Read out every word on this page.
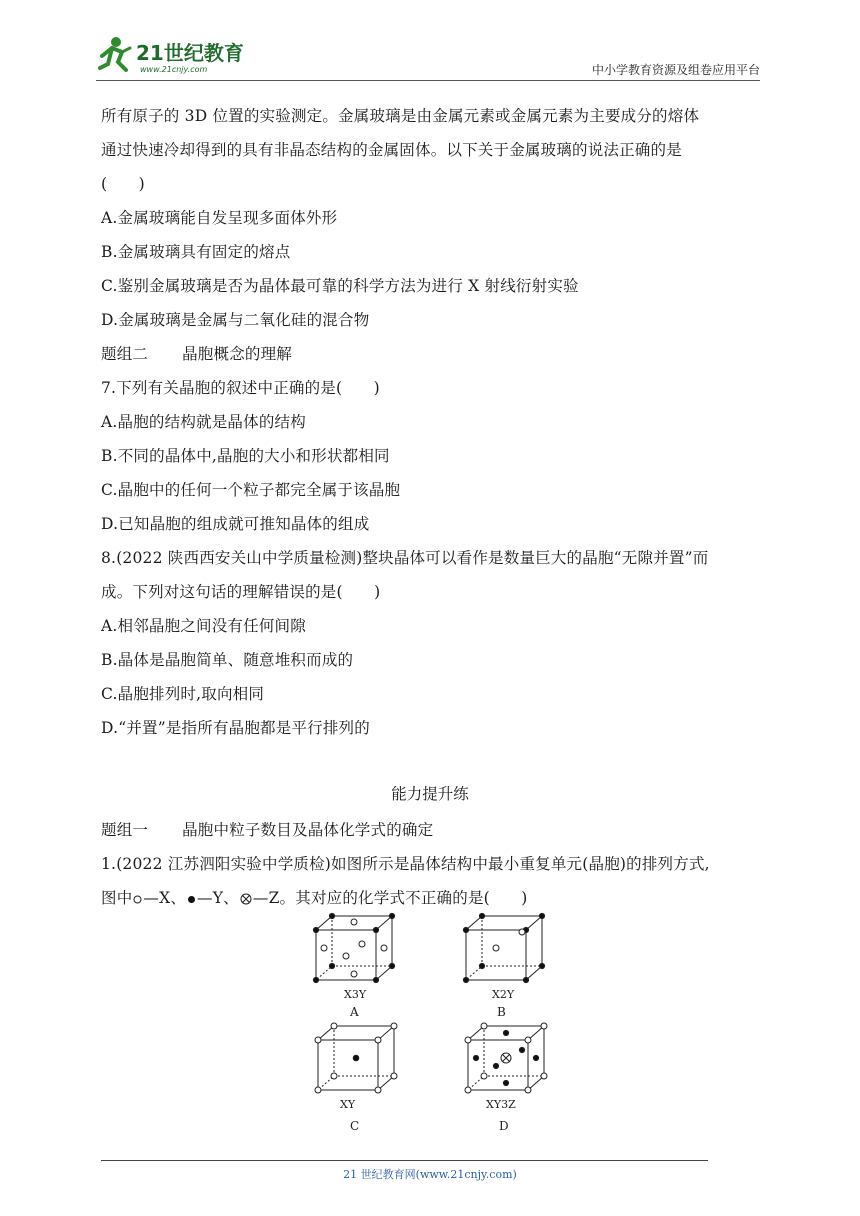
21世纪教育
www.21cnjy.com	中小学教育资源及组卷应用平台
所有原子的 3D 位置的实验测定。金属玻璃是由金属元素或金属元素为主要成分的熔体
通过快速冷却得到的具有非晶态结构的金属固体。以下关于金属玻璃的说法正确的是
(　　)
A.金属玻璃能自发呈现多面体外形
B.金属玻璃具有固定的熔点
C.鉴别金属玻璃是否为晶体最可靠的科学方法为进行 X 射线衍射实验
D.金属玻璃是金属与二氧化硅的混合物
题组二 晶胞概念的理解
7.下列有关晶胞的叙述中正确的是(　　)
A.晶胞的结构就是晶体的结构
B.不同的晶体中,晶胞的大小和形状都相同
C.晶胞中的任何一个粒子都完全属于该晶胞
D.已知晶胞的组成就可推知晶体的组成
8.(2022 陕西西安关山中学质量检测)整块晶体可以看作是数量巨大的晶胞“无隙并置”而
成。下列对这句话的理解错误的是(　　)
A.相邻晶胞之间没有任何间隙
B.晶体是晶胞简单、随意堆积而成的
C.晶胞排列时,取向相同
D.“并置”是指所有晶胞都是平行排列的
能力提升练
题组一 晶胞中粒子数目及晶体化学式的确定
1.(2022 江苏泗阳实验中学质检)如图所示是晶体结构中最小重复单元(晶胞)的排列方式,
图中 —X、 —Y、 —Z。其对应的化学式不正确的是(　　)
X3Y
A
X2Y
B
XY
C
XY3Z
D
21 世纪教育网(www.21cnjy.com)
